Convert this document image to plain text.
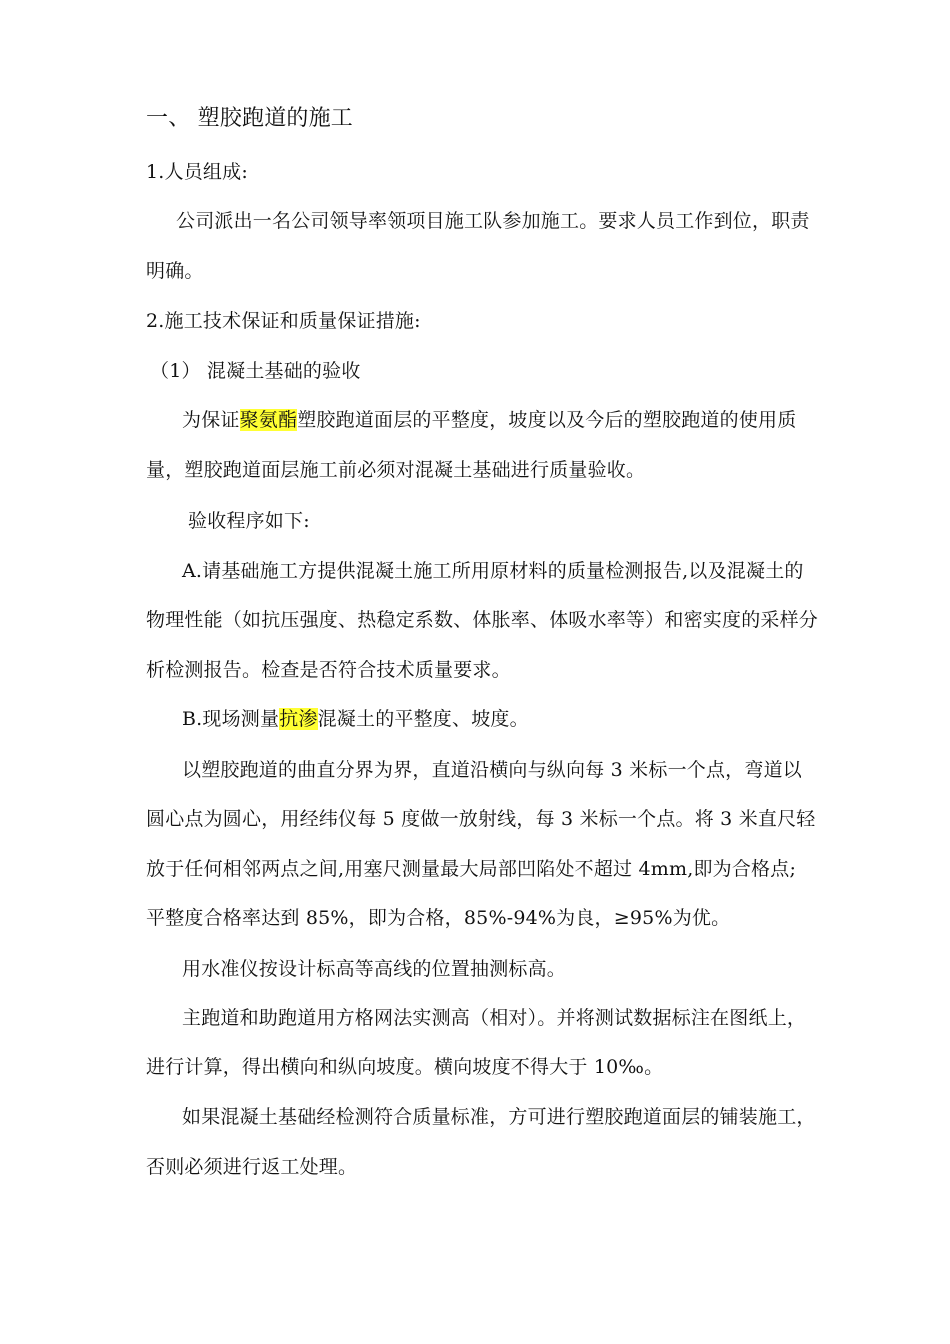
一、 塑胶跑道的施工
1.人员组成:
公司派出一名公司领导率领项目施工队参加施工。要求人员工作到位，职责
明确。
2.施工技术保证和质量保证措施:
（1） 混凝土基础的验收
为保证聚氨酯塑胶跑道面层的平整度，坡度以及今后的塑胶跑道的使用质
量，塑胶跑道面层施工前必须对混凝土基础进行质量验收。
验收程序如下:
A.请基础施工方提供混凝土施工所用原材料的质量检测报告,以及混凝土的
物理性能（如抗压强度、热稳定系数、体胀率、体吸水率等）和密实度的采样分
析检测报告。检查是否符合技术质量要求。
B.现场测量抗渗混凝土的平整度、坡度。
以塑胶跑道的曲直分界为界，直道沿横向与纵向每 3 米标一个点，弯道以
圆心点为圆心，用经纬仪每 5 度做一放射线，每 3 米标一个点。将 3 米直尺轻
放于任何相邻两点之间,用塞尺测量最大局部凹陷处不超过 4mm,即为合格点;
平整度合格率达到 85%，即为合格，85%-94%为良，≥95%为优。
用水准仪按设计标高等高线的位置抽测标高。
主跑道和助跑道用方格网法实测高（相对）。并将测试数据标注在图纸上，
进行计算，得出横向和纵向坡度。横向坡度不得大于 10‰。
如果混凝土基础经检测符合质量标准，方可进行塑胶跑道面层的铺装施工，
否则必须进行返工处理。
